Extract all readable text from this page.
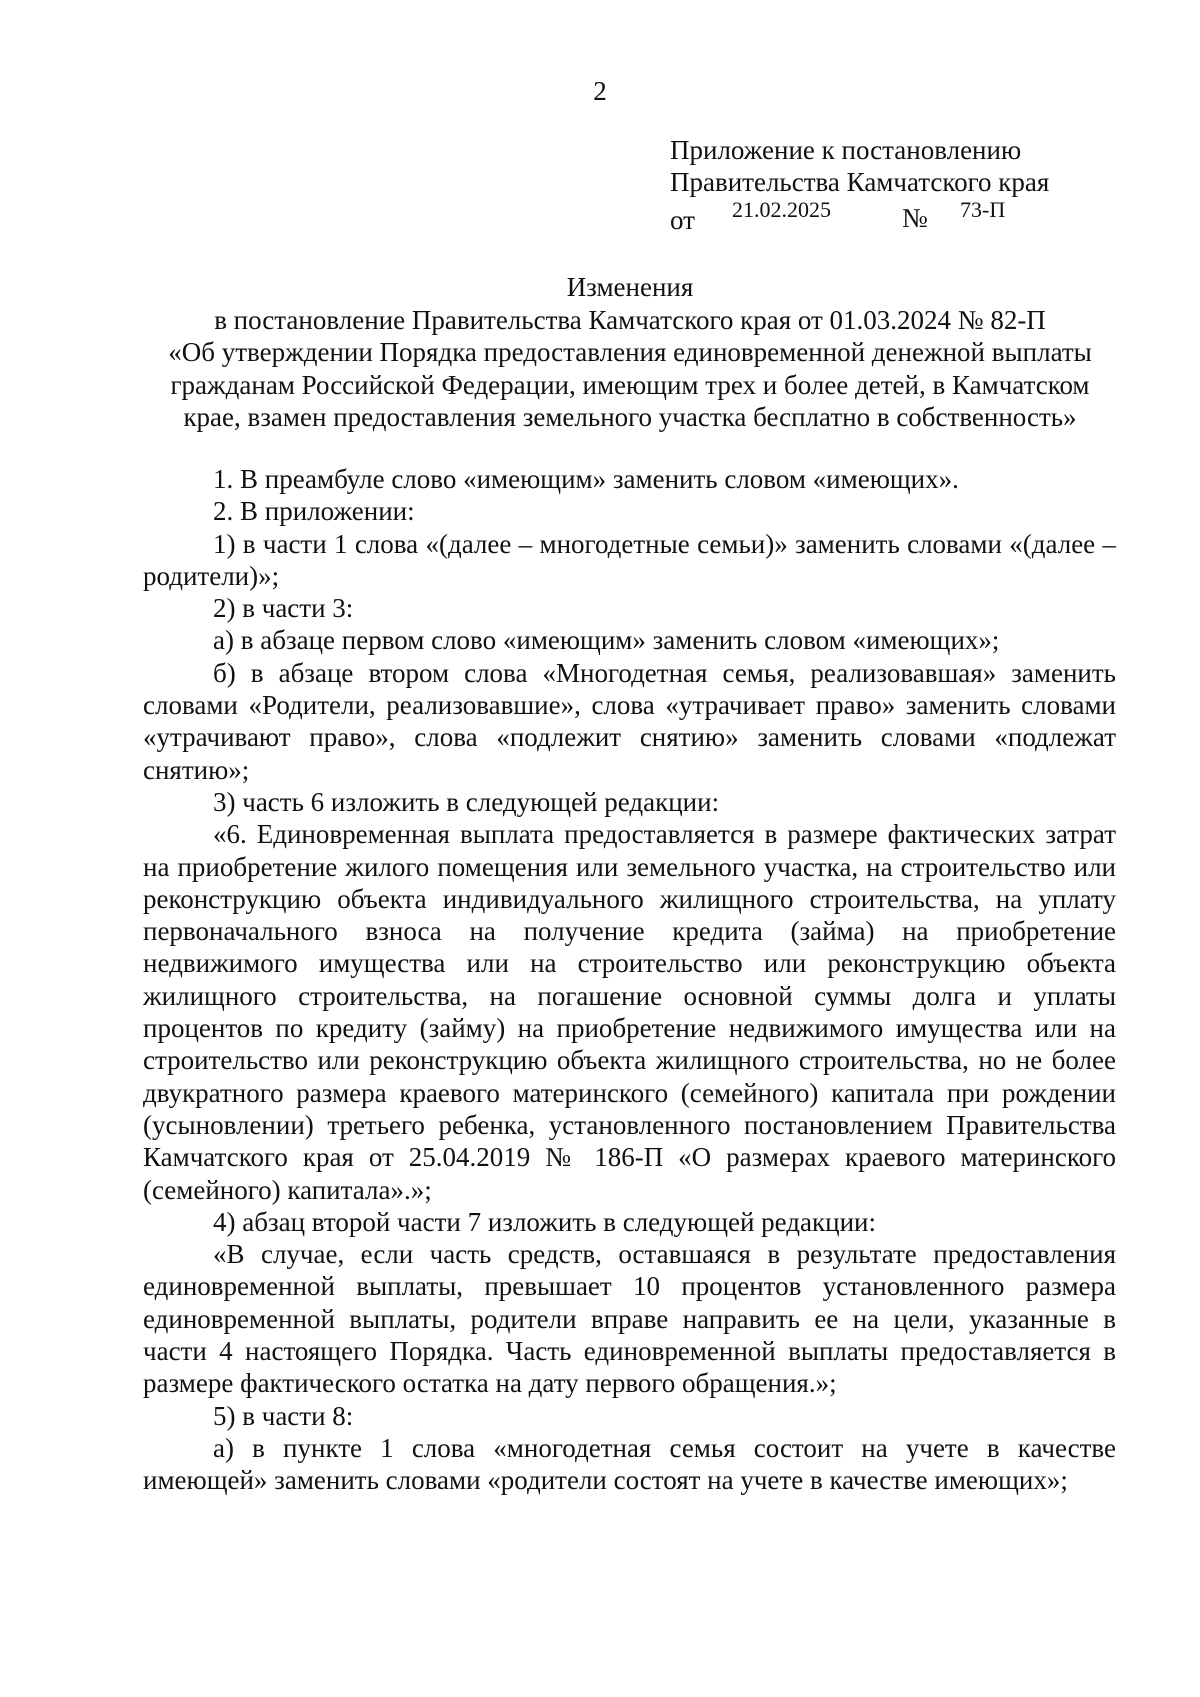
2
Приложение к постановлению
Правительства Камчатского края
от 21.02.2025	№ 73-П
Изменения
в постановление Правительства Камчатского края от 01.03.2024 № 82-П
«Об утверждении Порядка предоставления единовременной денежной выплаты
гражданам Российской Федерации, имеющим трех и более детей, в Камчатском
крае, взамен предоставления земельного участка бесплатно в собственность»

1. В преамбуле слово «имеющим» заменить словом «имеющих».

2. В приложении:

1) в части 1 слова «(далее – многодетные семьи)» заменить словами «(далее – родители)»;

2) в части 3:

а) в абзаце первом слово «имеющим» заменить словом «имеющих»;

б) в абзаце втором слова «Многодетная семья, реализовавшая» заменить словами «Родители, реализовавшие», слова «утрачивает право» заменить словами «утрачивают право», слова «подлежит снятию» заменить словами «подлежат снятию»;

3) часть 6 изложить в следующей редакции:

«6. Единовременная выплата предоставляется в размере фактических затрат на приобретение жилого помещения или земельного участка, на строительство или реконструкцию объекта индивидуального жилищного строительства, на уплату первоначального взноса на получение кредита (займа) на приобретение недвижимого имущества или на строительство или реконструкцию объекта жилищного строительства, на погашение основной суммы долга и уплаты процентов по кредиту (займу) на приобретение недвижимого имущества или на строительство или реконструкцию объекта жилищного строительства, но не более двукратного размера краевого материнского (семейного) капитала при рождении (усыновлении) третьего ребенка, установленного постановлением Правительства Камчатского края от 25.04.2019 № 186-П «О размерах краевого материнского (семейного) капитала».»;

4) абзац второй части 7 изложить в следующей редакции:

«В случае, если часть средств, оставшаяся в результате предоставления единовременной выплаты, превышает 10 процентов установленного размера единовременной выплаты, родители вправе направить ее на цели, указанные в части 4 настоящего Порядка. Часть единовременной выплаты предоставляется в размере фактического остатка на дату первого обращения.»;

5) в части 8:

а) в пункте 1 слова «многодетная семья состоит на учете в качестве имеющей» заменить словами «родители состоят на учете в качестве имеющих»;
